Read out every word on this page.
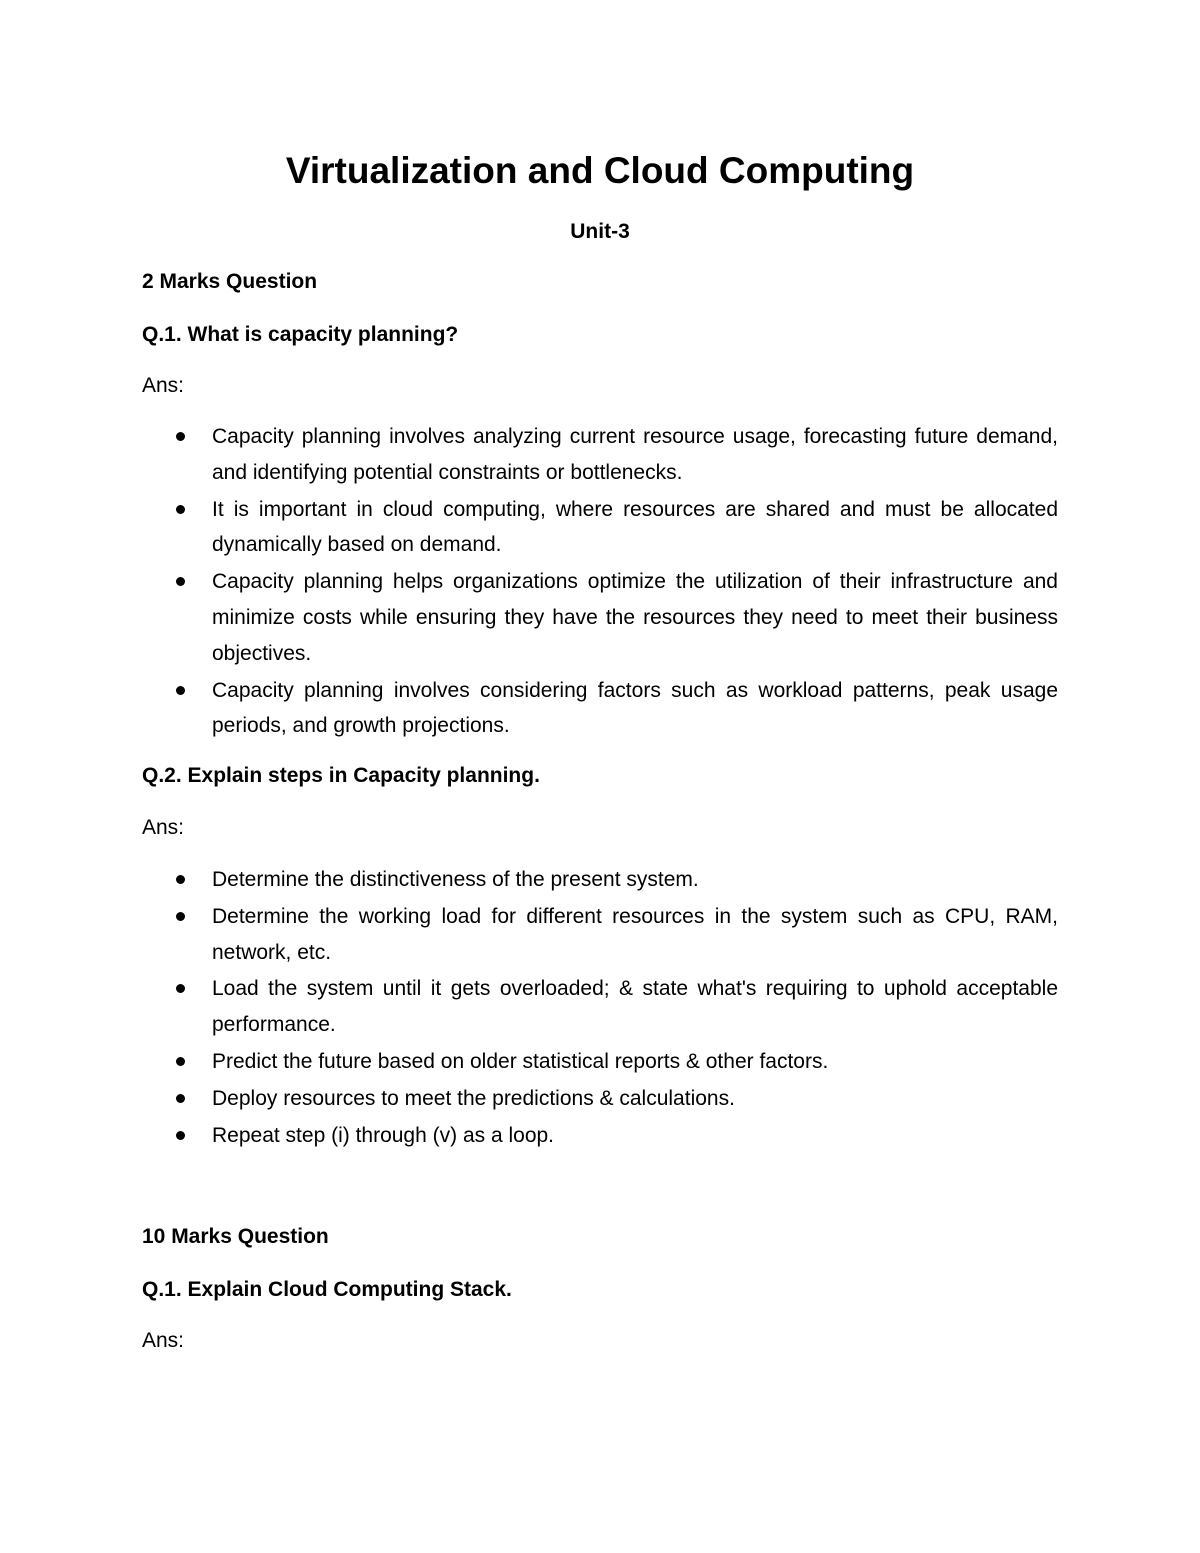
Virtualization and Cloud Computing
Unit-3
2 Marks Question
Q.1. What is capacity planning?
Ans:
Capacity planning involves analyzing current resource usage, forecasting future demand, and identifying potential constraints or bottlenecks.
It is important in cloud computing, where resources are shared and must be allocated dynamically based on demand.
Capacity planning helps organizations optimize the utilization of their infrastructure and minimize costs while ensuring they have the resources they need to meet their business objectives.
Capacity planning involves considering factors such as workload patterns, peak usage periods, and growth projections.
Q.2. Explain steps in Capacity planning.
Ans:
Determine the distinctiveness of the present system.
Determine the working load for different resources in the system such as CPU, RAM, network, etc.
Load the system until it gets overloaded; & state what's requiring to uphold acceptable performance.
Predict the future based on older statistical reports & other factors.
Deploy resources to meet the predictions & calculations.
Repeat step (i) through (v) as a loop.
10 Marks Question
Q.1. Explain Cloud Computing Stack.
Ans:
